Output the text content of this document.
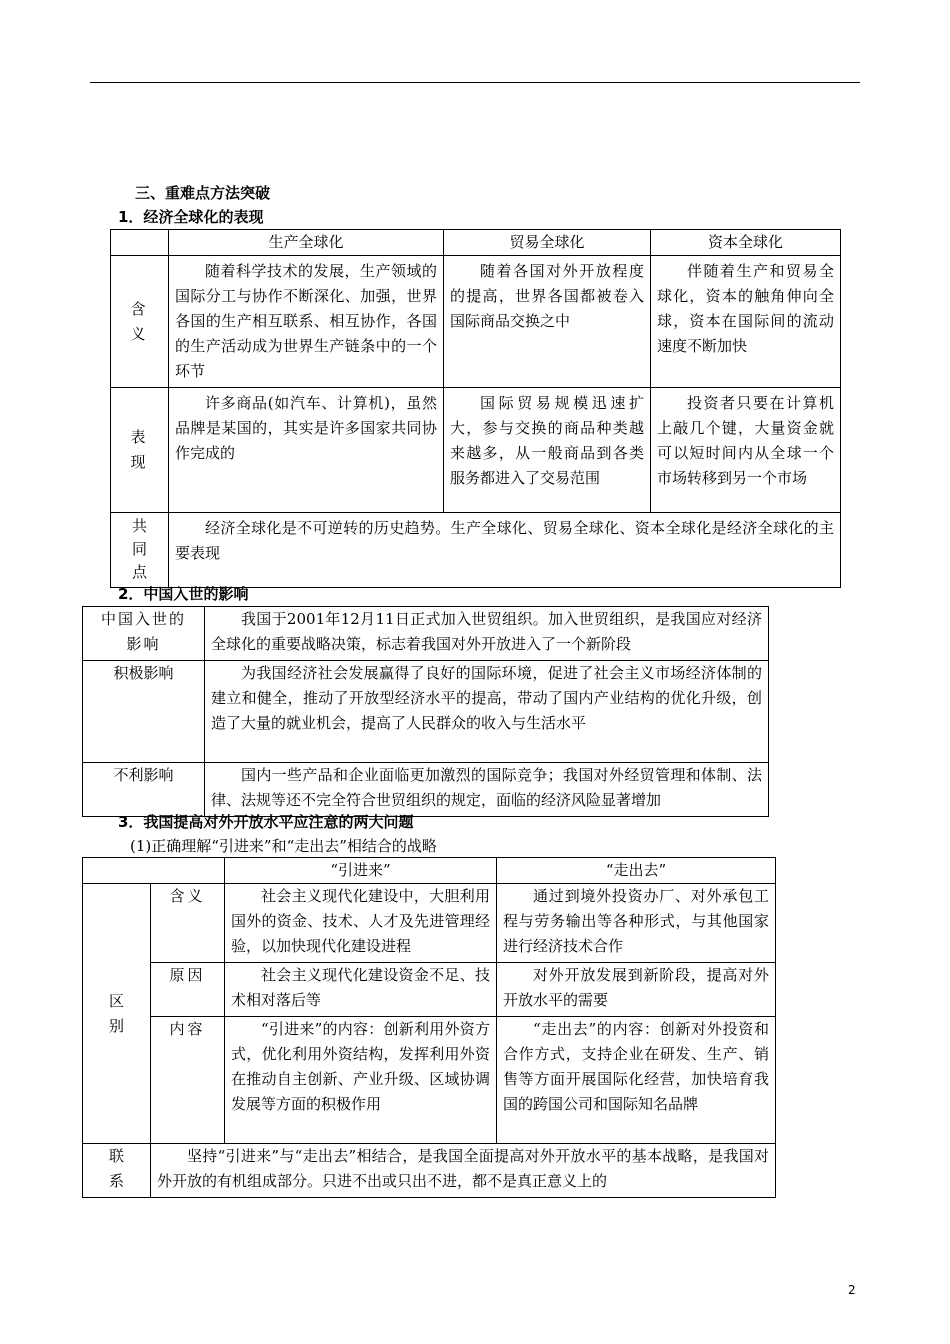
三、重难点方法突破
1．经济全球化的表现
	生产全球化	贸易全球化	资本全球化
含义	随着科学技术的发展，生产领域的国际分工与协作不断深化、加强，世界各国的生产相互联系、相互协作，各国的生产活动成为世界生产链条中的一个环节	随着各国对外开放程度的提高，世界各国都被卷入国际商品交换之中	伴随着生产和贸易全球化，资本的触角伸向全球，资本在国际间的流动速度不断加快
表现	许多商品(如汽车、计算机)，虽然品牌是某国的，其实是许多国家共同协作完成的	国际贸易规模迅速扩大，参与交换的商品种类越来越多，从一般商品到各类服务都进入了交易范围	投资者只要在计算机上敲几个键，大量资金就可以短时间内从全球一个市场转移到另一个市场
共同点	经济全球化是不可逆转的历史趋势。生产全球化、贸易全球化、资本全球化是经济全球化的主要表现		
2．中国入世的影响
中国入世的影响	我国于2001年12月11日正式加入世贸组织。加入世贸组织，是我国应对经济全球化的重要战略决策，标志着我国对外开放进入了一个新阶段
积极影响	为我国经济社会发展赢得了良好的国际环境，促进了社会主义市场经济体制的建立和健全，推动了开放型经济水平的提高，带动了国内产业结构的优化升级，创造了大量的就业机会，提高了人民群众的收入与生活水平
不利影响	国内一些产品和企业面临更加激烈的国际竞争；我国对外经贸管理和体制、法律、法规等还不完全符合世贸组织的规定，面临的经济风险显著增加
3．我国提高对外开放水平应注意的两大问题
(1)正确理解“引进来”和“走出去”相结合的战略
		“引进来”	“走出去”
区别	含义	社会主义现代化建设中，大胆利用国外的资金、技术、人才及先进管理经验，以加快现代化建设进程	通过到境外投资办厂、对外承包工程与劳务输出等各种形式，与其他国家进行经济技术合作
	原因	社会主义现代化建设资金不足、技术相对落后等	对外开放发展到新阶段，提高对外开放水平的需要
	内容	“引进来”的内容：创新利用外资方式，优化利用外资结构，发挥利用外资在推动自主创新、产业升级、区域协调发展等方面的积极作用	“走出去”的内容：创新对外投资和合作方式，支持企业在研发、生产、销售等方面开展国际化经营，加快培育我国的跨国公司和国际知名品牌
联系	坚持“引进来”与“走出去”相结合，是我国全面提高对外开放水平的基本战略，是我国对外开放的有机组成部分。只进不出或只出不进，都不是真正意义上的		
2
